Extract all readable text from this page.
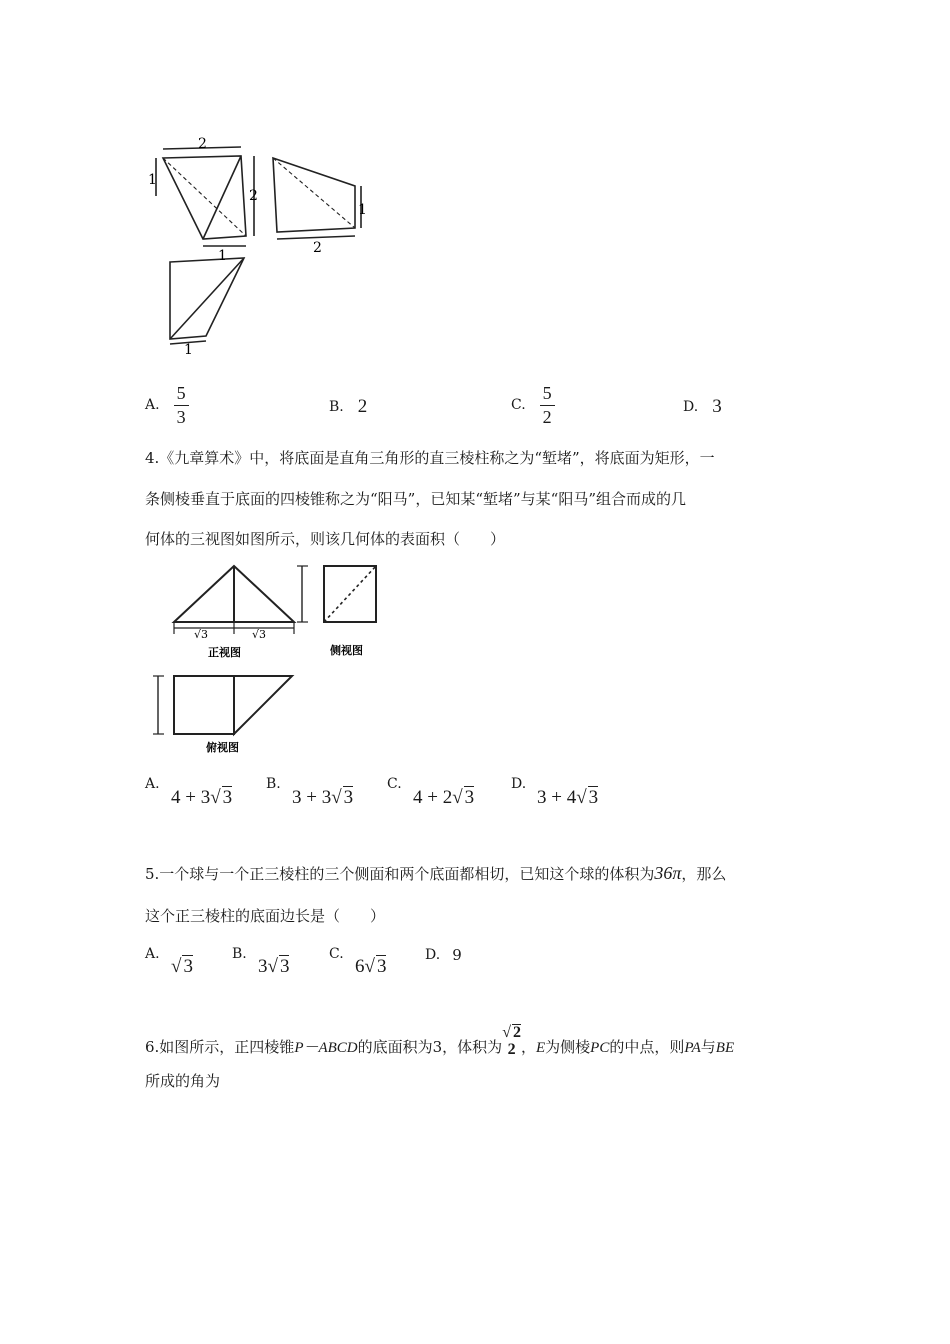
2
1
2
1
1
2
1
A. $\frac{5}{3}$	B. 2	C. $\frac{5}{2}$	D. 3
4.《九章算术》中，将底面是直角三角形的直三棱柱称之为“堑堵”，将底面为矩形，一
条侧棱垂直于底面的四棱锥称之为“阳马”，已知某“堑堵”与某“阳马”组合而成的几
何体的三视图如图所示，则该几何体的表面积（　　）
√3	√3
正视图	侧视图
俯视图
A.
4 + 3√ 3
B.
3 + 3√ 3
C.
4 + 2√ 3
D.
3 + 4√ 3
5.一个球与一个正三棱柱的三个侧面和两个底面都相切，已知这个球的体积为36π，那么
这个正三棱柱的底面边长是（　　）
A.
√ 3
B.
3√ 3
C.
6√ 3
D. 9
6.如图所示，正四棱锥 P－ABCD 的底面积为3，体积为
√ 2
2 ， E 为侧棱 PC 的中点，则 PA 与 BE
所成的角为
